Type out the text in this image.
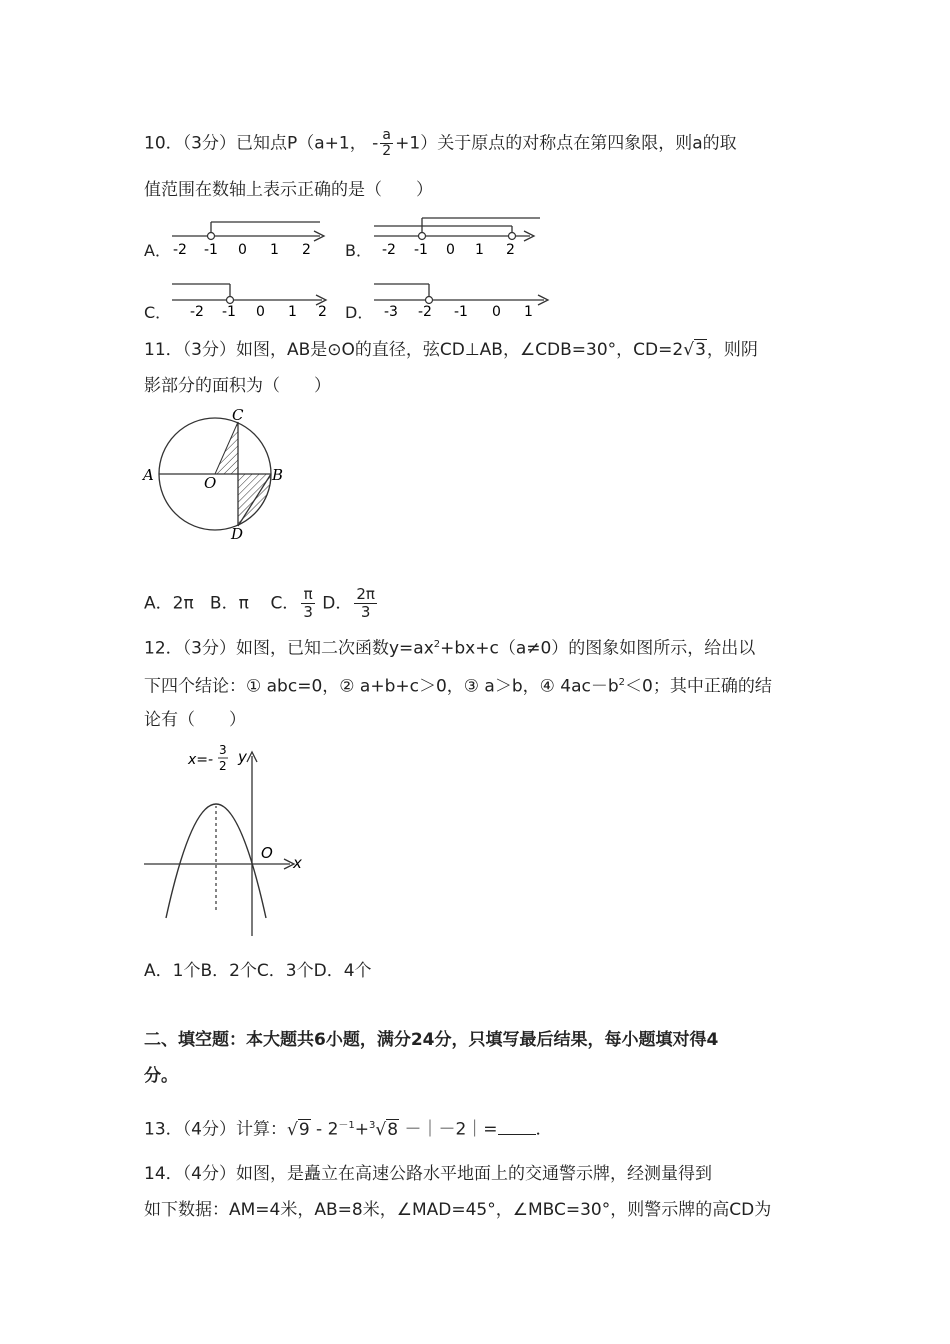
10．（3分）已知点P（a+1， - $\frac{a}{2} +1$）关于原点的对称点在第四象限，则a的取
值范围在数轴上表示正确的是（　　）
A． -2 -1 0 1 2 B． -2 -1 0 1 2
C． -2 -1 0 1 2 D． -3 -2 -1 0 1
11．（3分）如图，AB是⊙O的直径，弦CD⊥AB，∠CDB=30°，CD=2√3，则阴
影部分的面积为（　　）
C
A	O	B
D
A．2π B．π C． $\frac{\pi}{3}$ D． $\frac{2\pi}{3}$
12．（3分）如图，已知二次函数$y=ax^2+bx+c(a\ne 0)$的图象如图所示，给出以
下四个结论：① abc=0，② a+b+c＞0，③ a＞b，④ $4ac-b^2<0$；其中正确的结
论有（　　）
x=-
3
2 y
O
x
A．1个B．2个C．3个D．4个
二、填空题：本大题共6小题，满分24分，只填写最后结果，每小题填对得4
分。
13．（4分）计算：$√9 - 2^{-1}+^3√8$ －｜－2｜= ．
14．（4分）如图，是矗立在高速公路水平地面上的交通警示牌，经测量得到
如下数据：AM=4米，AB=8米，∠MAD=45°，∠MBC=30°，则警示牌的高CD为
